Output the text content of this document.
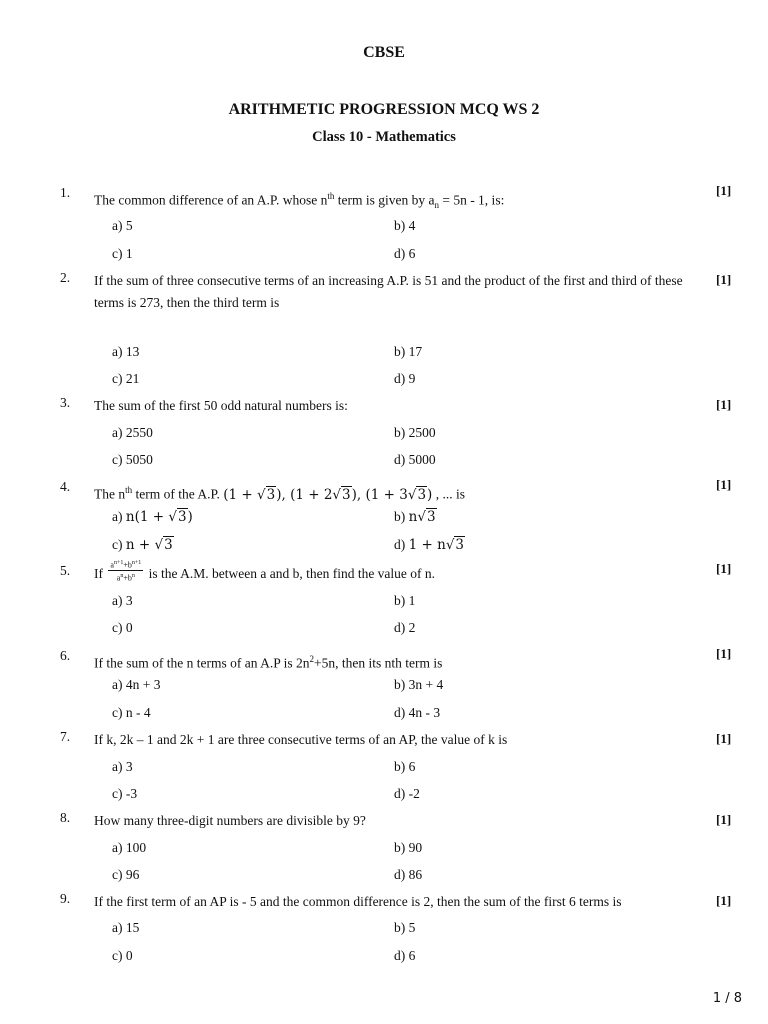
CBSE
ARITHMETIC PROGRESSION MCQ WS 2
Class 10 - Mathematics
1. The common difference of an A.P. whose $n^{th}$ term is given by $a_n = 5n - 1$, is:
[1]
a) 5	b) 4
c) 1	d) 6
2. If the sum of three consecutive terms of an increasing A.P. is 51 and the product of the first and third of these terms is 273, then the third term is
[1]
a) 13	b) 17
c) 21	d) 9
3. The sum of the first 50 odd natural numbers is:	[1]
a) 2550	b) 2500
c) 5050	d) 5000
4. The $n^{th}$ term of the A.P. (1 + √3), (1 + 2√3), (1 + 3√3) , ... is
[1]
a) n(1 + √3)	b) n√3
c) n + √3	d) 1 + n√3
5. If $\frac{a^{n+1}+b^{n+1}}{a^n+b^n}$ is the A.M. between a and b, then find the value of n.	[1]
a) 3	b) 1
c) 0	d) 2
6. If the sum of the n terms of an A.P is $2n^2+5n$, then its nth term is
[1]
a) 4n + 3	b) 3n + 4
c) n - 4	d) 4n - 3
7. If k, 2k – 1 and 2k + 1 are three consecutive terms of an AP, the value of k is	[1]
a) 3	b) 6
c) -3	d) -2
8. How many three-digit numbers are divisible by 9?	[1]
a) 100	b) 90
c) 96	d) 86
9. If the first term of an AP is - 5 and the common difference is 2, then the sum of the first 6 terms is	[1]
a) 15	b) 5
c) 0	d) 6
1 / 8
